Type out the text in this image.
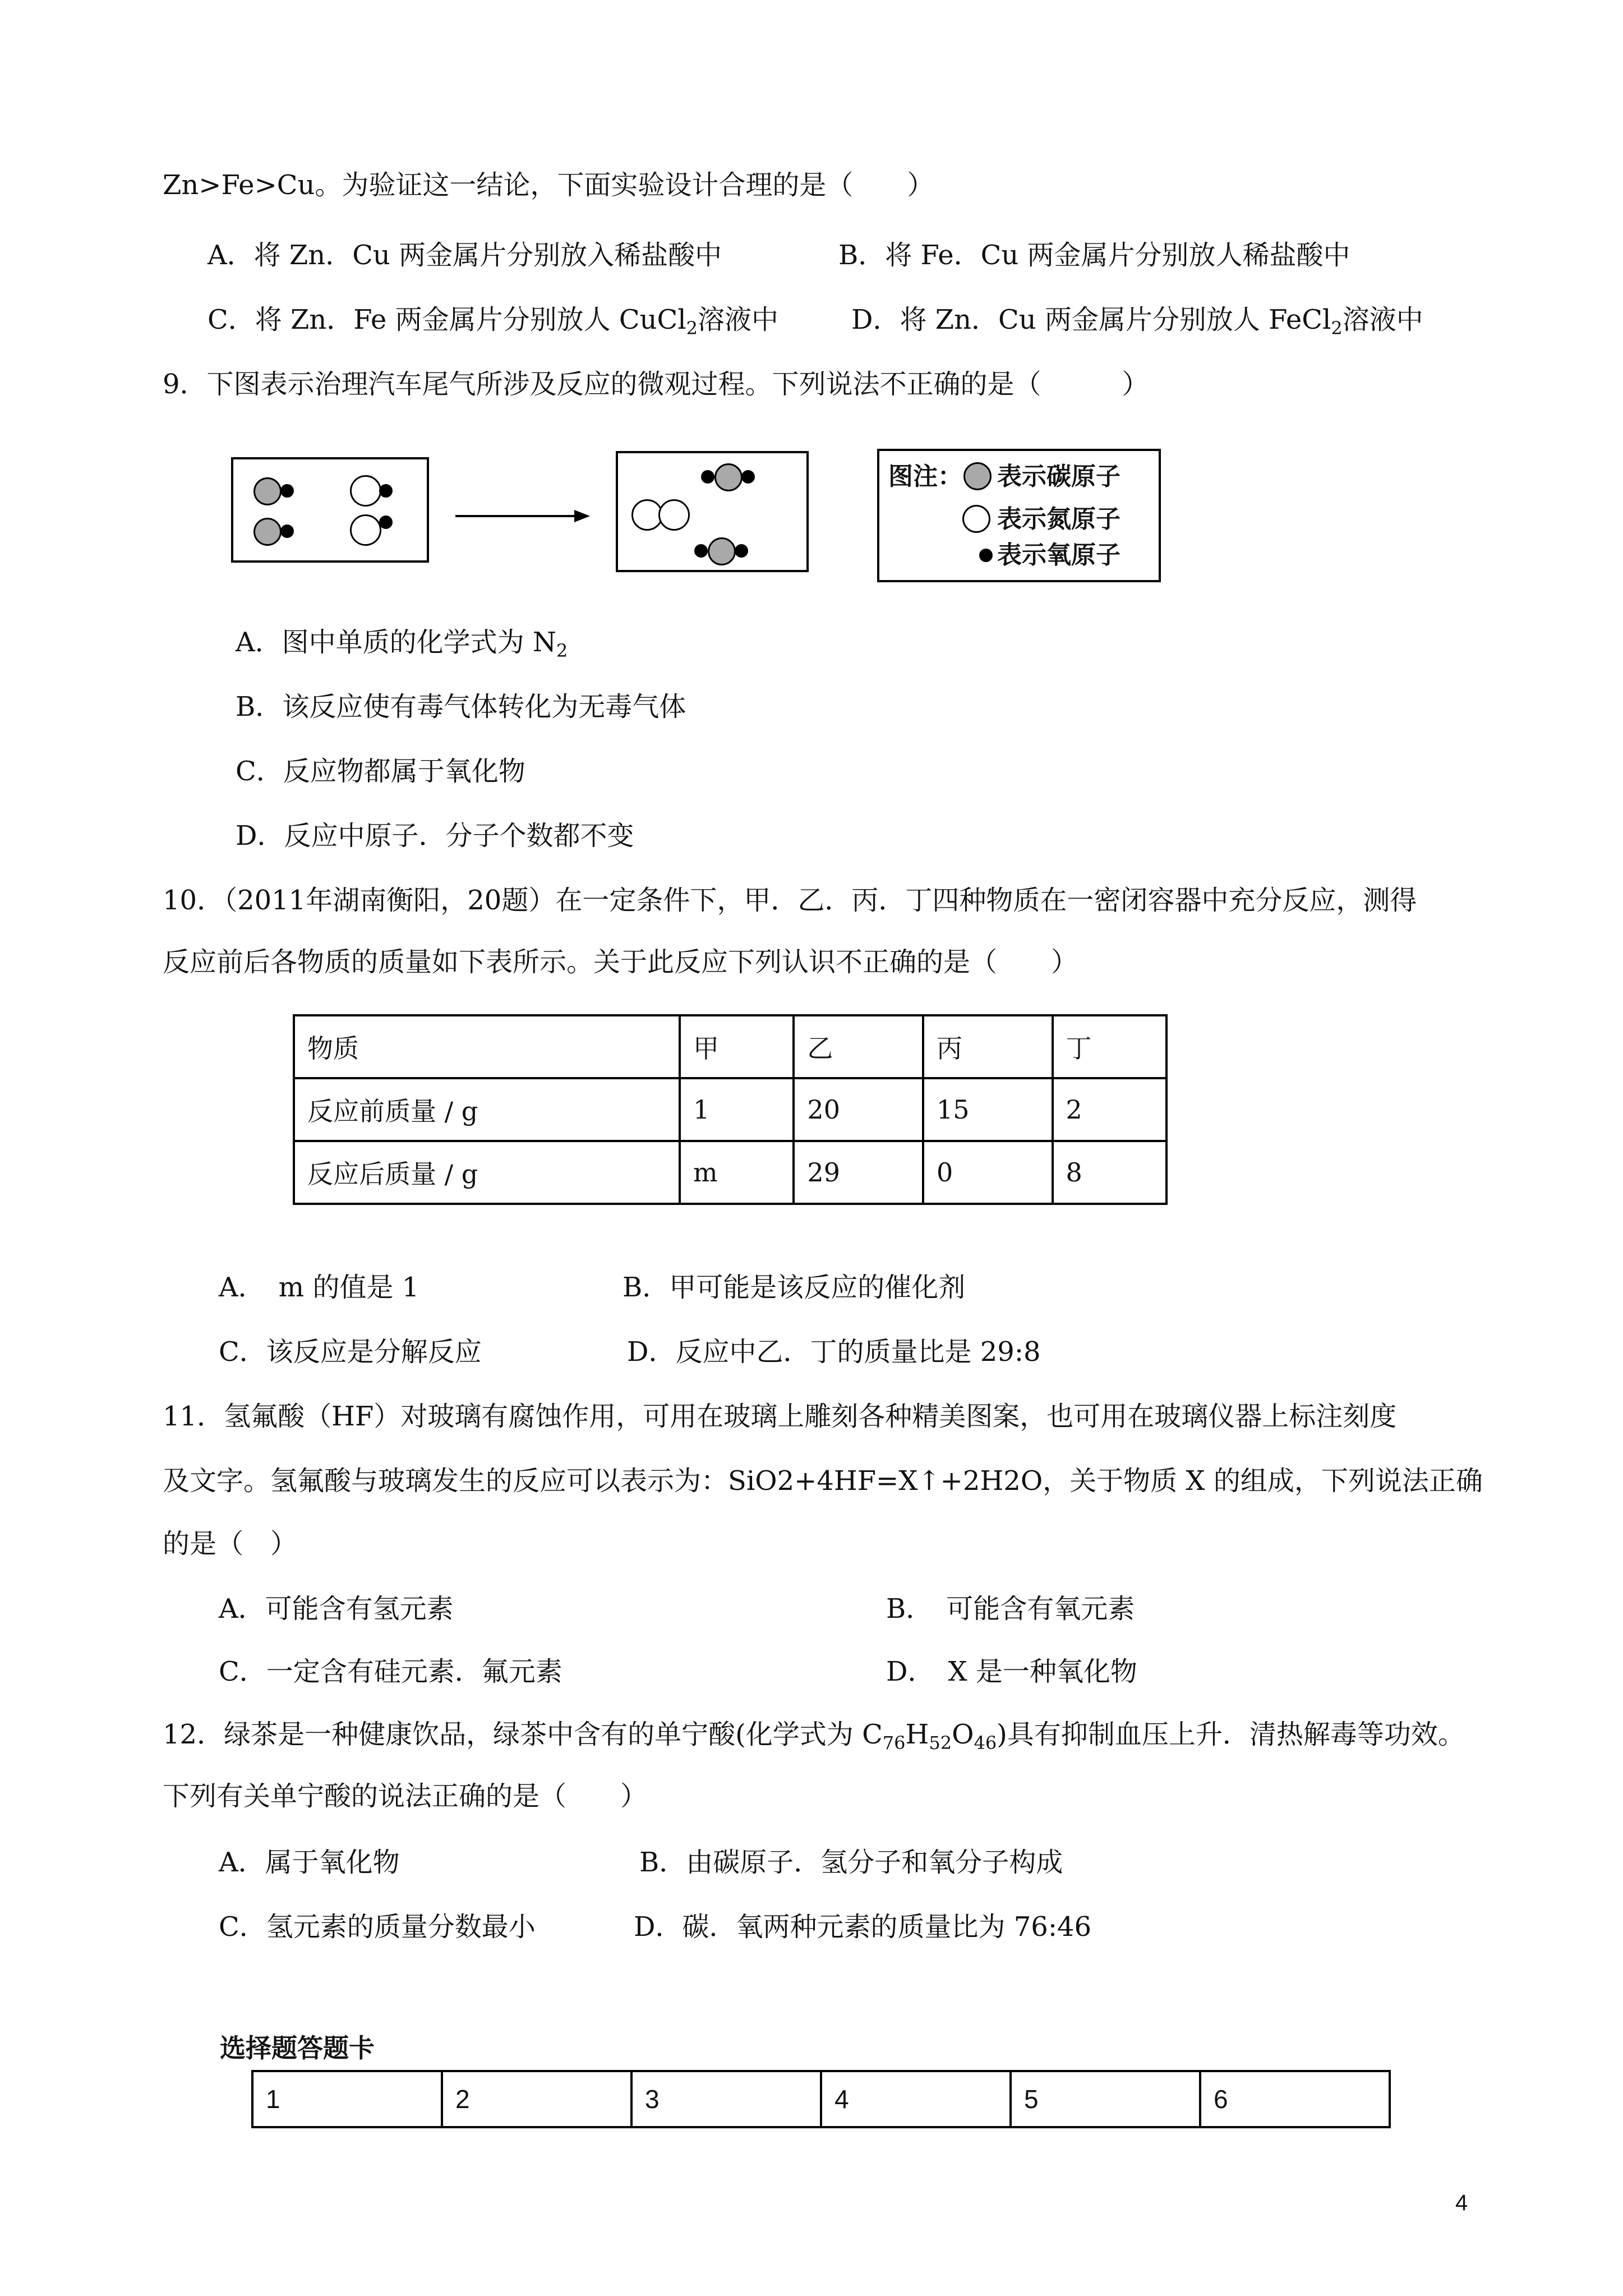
Zn>Fe>Cu。为验证这一结论，下面实验设计合理的是（　　）
A．将 Zn．Cu 两金属片分别放入稀盐酸中	B．将 Fe．Cu 两金属片分别放人稀盐酸中
C．将 Zn．Fe 两金属片分别放人 CuCl$_2$溶液中	D．将 Zn．Cu 两金属片分别放人 FeCl$_2$溶液中
9．下图表示治理汽车尾气所涉及反应的微观过程。下列说法不正确的是（　　　）
图注： 表示碳原子
表示氮原子
表示氧原子
A．图中单质的化学式为 $N_2$
B．该反应使有毒气体转化为无毒气体
C．反应物都属于氧化物
D．反应中原子．分子个数都不变
10．（2011年湖南衡阳，20题）在一定条件下，甲．乙．丙．丁四种物质在一密闭容器中充分反应，测得
反应前后各物质的质量如下表所示。关于此反应下列认识不正确的是（　　）
物质	甲	乙	丙	丁
反应前质量 / g	1	20	15	2
反应后质量 / g	m	29	0	8
A．　m 的值是 1	B．甲可能是该反应的催化剂
C．该反应是分解反应	D．反应中乙．丁的质量比是 29:8
11．氢氟酸（HF）对玻璃有腐蚀作用，可用在玻璃上雕刻各种精美图案，也可用在玻璃仪器上标注刻度
及文字。氢氟酸与玻璃发生的反应可以表示为：SiO2+4HF=X↑+2H2O，关于物质 X 的组成，下列说法正确
的是（　）
A．可能含有氢元素	B．　可能含有氧元素
C．一定含有硅元素．氟元素	D．　X 是一种氧化物
12．绿茶是一种健康饮品，绿茶中含有的单宁酸(化学式为 $C_{76}H_{52}O_{46}$)具有抑制血压上升．清热解毒等功效。
下列有关单宁酸的说法正确的是（　　）
A．属于氧化物	B．由碳原子．氢分子和氧分子构成
C．氢元素的质量分数最小	D．碳．氧两种元素的质量比为 76:46
选择题答题卡
1	2	3	4	5	6
4
